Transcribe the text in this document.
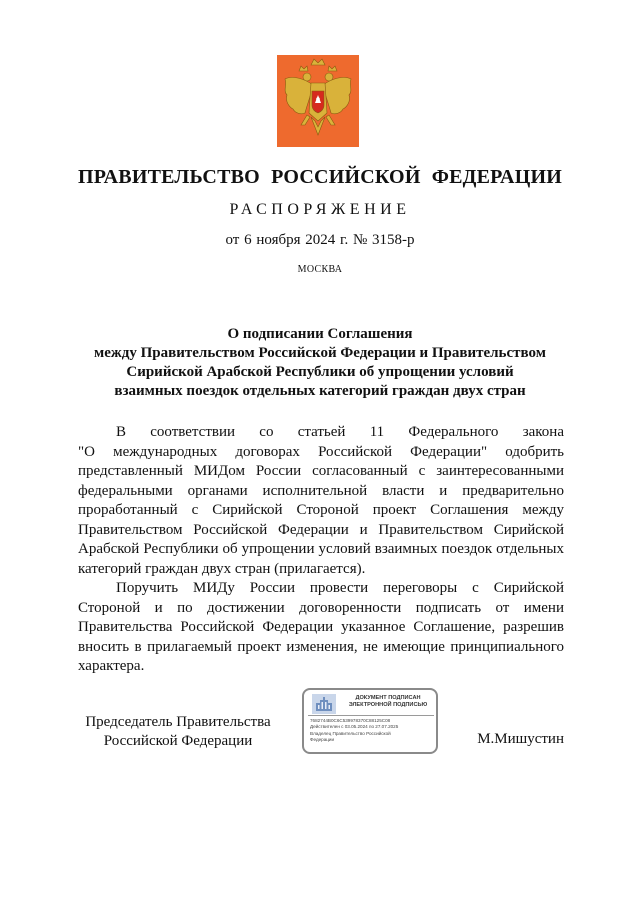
ПРАВИТЕЛЬСТВО РОССИЙСКОЙ ФЕДЕРАЦИИ
РАСПОРЯЖЕНИЕ
от 6 ноября 2024 г. № 3158-р
МОСКВА
О подписании Соглашения
между Правительством Российской Федерации и Правительством
Сирийской Арабской Республики об упрощении условий
взаимных поездок отдельных категорий граждан двух стран
В соответствии со статьей 11 Федерального закона
"О международных договорах Российской Федерации" одобрить
представленный МИДом России согласованный с заинтересованными
федеральными органами исполнительной власти и предварительно
проработанный с Сирийской Стороной проект Соглашения между
Правительством Российской Федерации и Правительством Сирийской
Арабской Республики об упрощении условий взаимных поездок отдельных
категорий граждан двух стран (прилагается).
Поручить МИДу России провести переговоры с Сирийской
Стороной и по достижении договоренности подписать от имени
Правительства Российской Федерации указанное Соглашение, разрешив
вносить в прилагаемый проект изменения, не имеющие принципиального
характера.
Председатель Правительства
Российской Федерации
ДОКУМЕНТ ПОДПИСАН
ЭЛЕКТРОННОЙ ПОДПИСЬЮ
7682744B0C6C539978370C88125C08
Действителен с 03.05.2024 по 27.07.2025
Владелец Правительство Российской
Федерации	М.Мишустин
